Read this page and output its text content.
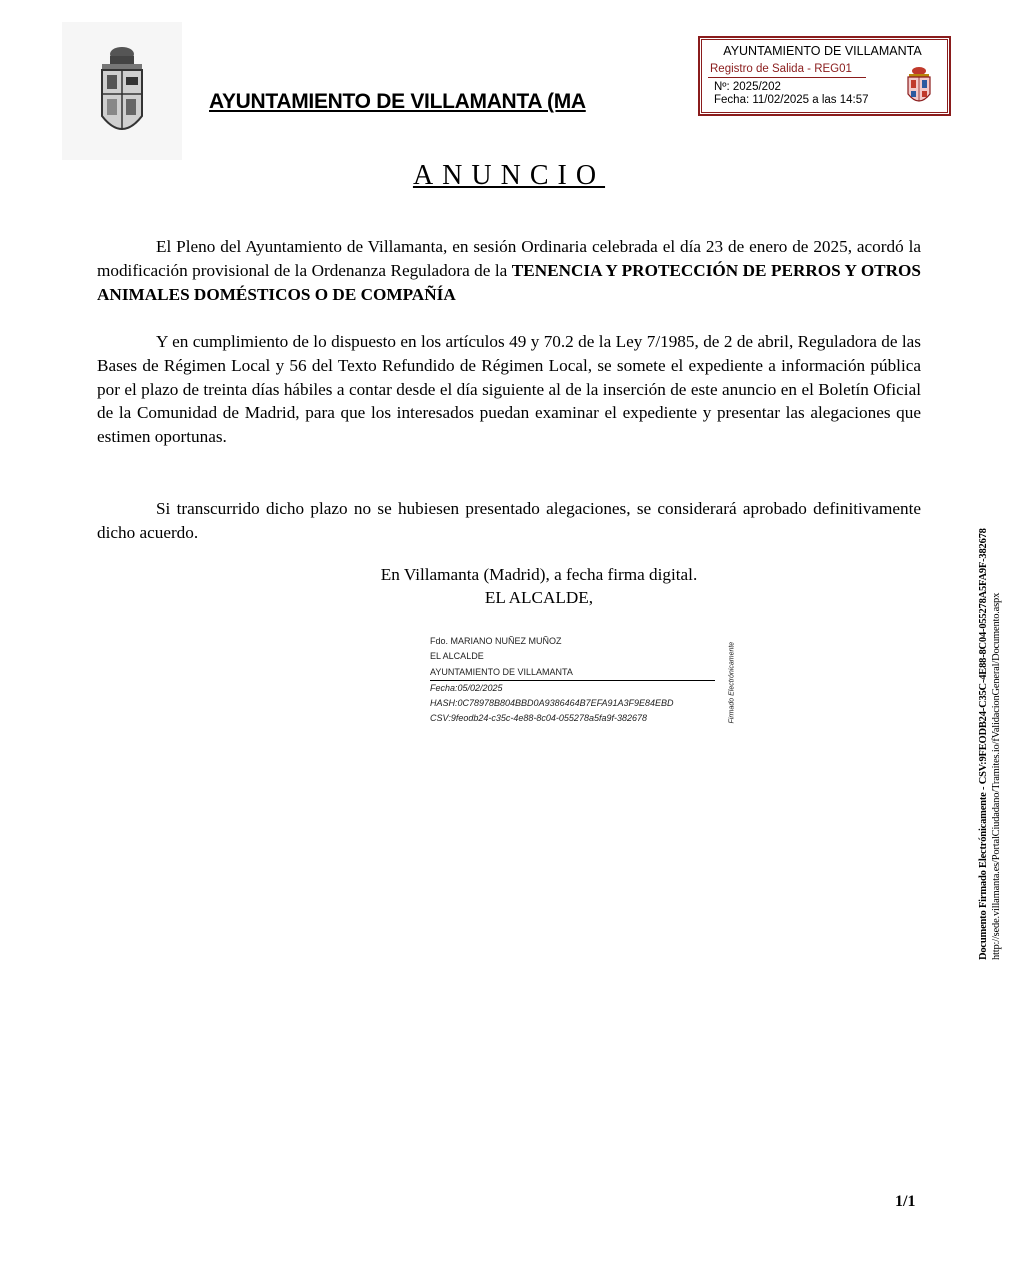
AYUNTAMIENTO DE VILLAMANTA (MA
AYUNTAMIENTO DE VILLAMANTA
Registro de Salida - REG01
Nº: 2025/202
Fecha: 11/02/2025 a las 14:57
ANUNCIO
El Pleno del Ayuntamiento de Villamanta, en sesión Ordinaria celebrada el día 23 de enero de 2025, acordó la modificación provisional de la Ordenanza Reguladora de la TENENCIA Y PROTECCIÓN DE PERROS Y OTROS ANIMALES DOMÉSTICOS O DE COMPAÑÍA
Y en cumplimiento de lo dispuesto en los artículos 49 y 70.2 de la Ley 7/1985, de 2 de abril, Reguladora de las Bases de Régimen Local y 56 del Texto Refundido de Régimen Local, se somete el expediente a información pública por el plazo de treinta días hábiles a contar desde el día siguiente al de la inserción de este anuncio en el Boletín Oficial de la Comunidad de Madrid, para que los interesados puedan examinar el expediente y presentar las alegaciones que estimen oportunas.
Si transcurrido dicho plazo no se hubiesen presentado alegaciones, se considerará aprobado definitivamente dicho acuerdo.
En Villamanta (Madrid), a fecha firma digital.
EL ALCALDE,
Fdo. MARIANO NUÑEZ MUÑOZ
EL ALCALDE
AYUNTAMIENTO DE VILLAMANTA
Fecha:05/02/2025
HASH:0C78978B804BBD0A9386464B7EFA91A3F9E84EBD
CSV:9feodb24-c35c-4e88-8c04-055278a5fa9f-382678	Firmado Electrónicamente	Documento Firmado Electrónicamente - CSV:9FEODB24-C35C-4E88-8C04-055278A5FA9F-382678 http://sede.villamanta.es/PortalCiudadano/Tramites.io/fValidacionGeneral/Documento.aspx
1/1
